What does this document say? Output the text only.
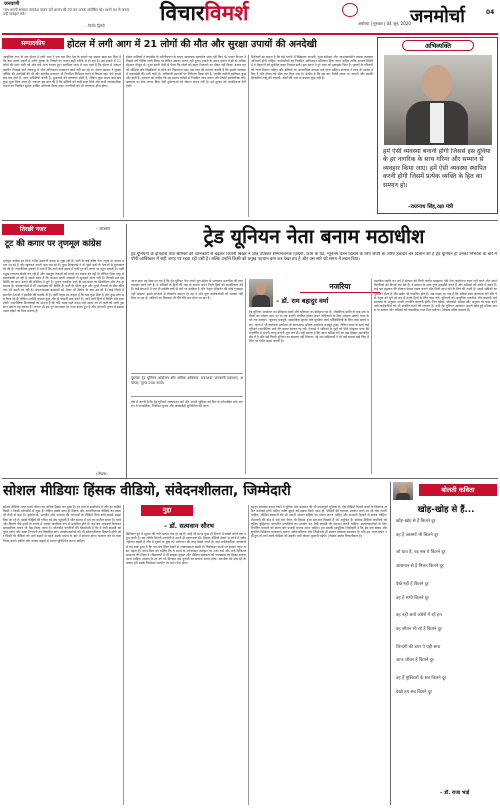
जनवाणी
'जन अपनी सरकार जनादेश पालन करें शासन की एवं जन जनता संतोषित रहे। अपने मत से जनता उन्हें व्यवहार करें।'
– विनोद द्विवेदी
विचारविमर्श	अयोध्या | गुरुवार | 04 जून, 2020 जनमोर्चा	04
सम्पादकीय	होटल में लगी आग में 21 लोगों की मौत और सुरक्षा उपायों की अनदेखी
आधुनिक नगर के एक होटल में लगी आग ने एक बार फिर देश के सामने यह सवाल खड़ा कर दिया है कि क्या हमारे भवनों में अग्नि सुरक्षा के नियमों का पालन सही तरीके से हो रहा है। इस हादसे में 21 लोगों की जान चली गई और कई अन्य घायल हुए। प्रारंभिक जांच में पता चला है कि होटल में आपातकालीन निकास मार्ग अवरुद्ध थे और अग्निशमन उपकरण काम नहीं कर रहे थे। होटल प्रबंधन ने सुरक्षा ऑडिट की अनदेखी की थी और स्थानीय प्रशासन भी नियमित निरीक्षण करने में विफल रहा। ऐसे हादसे बार-बार होते हैं, जांच समितियां बनती हैं, मुआवजे की घोषणाएं होती हैं, लेकिन कुछ समय बाद सब कुछ भुला दिया जाता है। जरूरत इस बात की है कि दोषियों को कड़ी सजा मिले और सभी व्यावसायिक भवनों का नियमित सुरक्षा ऑडिट अनिवार्य किया जाए। नागरिकों को भी जागरूक होना होगा।
होटल मालिकों ने लाइसेंस के नवीनीकरण के समय आवश्यक दस्तावेज जमा नहीं किए थे। फायर विभाग ने पिछले वर्ष नोटिस जारी किया था लेकिन उसका पालन नहीं हुआ। हादसे के समय होटल में सौ से अधिक मेहमान मौजूद थे। धुआं इतनी तेजी से फैला कि लोगों को बाहर निकलने का मौका नहीं मिला। बचाव दल को सीढ़ियों और खिड़कियों से लोगों को निकालना पड़ा। इस तरह की घटनाएं बताती हैं कि हमारी व्यवस्था में जवाबदेही की भारी कमी है। अधिकारी कागजों पर निरीक्षण दिखा देते हैं, जबकि जमीनी हकीकत कुछ और होती है। सरकार को चाहिए कि वह स्वतंत्र एजेंसी से नियमित जांच कराए और रिपोर्ट सार्वजनिक करे। भ्रष्टाचार पर रोक लगाए बिना ऐसी दुर्घटनाओं को रोकना संभव नहीं है। हमें सुरक्षा को प्राथमिकता देनी होगी।
विशेषज्ञों का कहना है कि बड़े भवनों में स्प्रिंकलर प्रणाली, धुआं संवेदक और आपातकालीन प्रकाश व्यवस्था अनिवार्य होनी चाहिए। कर्मचारियों को नियमित अग्निशमन प्रशिक्षण दिया जाना चाहिए ताकि आपात स्थिति में वे मेहमानों को सुरक्षित बाहर निकाल सकें। इस घटना ने पूरे शहर को झकझोर दिया है। मृतकों के परिजनों को न्याय मिलना चाहिए और दोषियों पर आपराधिक मामला दर्ज होना चाहिए। सरकार ने जांच के आदेश दे दिए हैं और होटल को सील कर दिया गया है। उम्मीद है कि इस बार रिपोर्ट समय पर आएगी और उसकी सिफारिशें लागू की जाएंगी। लोगों की जान से बढ़कर कुछ नहीं है।
अभिव्यक्ति
हमें ऐसी व्यवस्था बनानी होगी जिससे इस दुनिया के हर नागरिक के साथ गरिमा और सम्मान से व्यवहार किया जाए। हमें ऐसी व्यवस्था स्थापित करनी होगी जिसमें प्रत्येक व्यक्ति के हित का सम्मान हो।
–राजनाथ सिंह,रक्षा मंत्री
तिरछी नजर	– शाश्वत
टूट की कगार पर तृणमूल कांग्रेस
तृणमूल कांग्रेस इन दिनों गंभीर अंदरूनी कलह से जूझ रही है। पार्टी के कई वरिष्ठ नेता नेतृत्व से नाराज बताए जा रहे हैं और खुलकर अपनी बात रख रहे हैं। कुछ विधायकों ने तो दूसरे दलों के नेताओं से मुलाकात भी की है। राजनीतिक हलकों में चर्चा है कि आने वाले समय में पार्टी टूट की कगार पर पहुंच सकती है। पार्टी प्रमुख लगातार बैठकें कर रही हैं और असंतुष्ट नेताओं को मनाने का प्रयास कर रही हैं। लेकिन जिस तरह से बयानबाजी हो रही है उससे साफ है कि मामला इतनी आसानी से सुलझने वाला नहीं है। विपक्षी दल इस स्थिति का लाभ उठाने की कोशिश में जुटे हैं। चुनाव नजदीक आते ही दल-बदल का सिलसिला और तेज हो सकता है। कार्यकर्ताओं में भी असमंजस की स्थिति है। पार्टी के भीतर युवा और पुराने नेताओं के बीच खींचतान भी बढ़ती जा रही है। संगठनात्मक बदलावों को लेकर भी विरोध के स्वर उठ रहे हैं। कई जिलों में स्थानीय नेताओं ने इस्तीफे की धमकी दी है। पार्टी नेतृत्व का कहना है कि सब कुछ ठीक है और कुछ लोग भ्रम फैला रहे हैं। लेकिन जमीनी हालात कुछ और ही कहानी बयां करते हैं। आने वाले दिनों में स्थिति और स्पष्ट होगी। राजनीतिक विश्लेषकों का मानना है कि यदि समय रहते कदम नहीं उठाए गए तो पार्टी को भारी नुकसान उठाना पड़ सकता है। जनता भी इस पूरे घटनाक्रम पर नजर बनाए हुए है और आगामी चुनाव में इसका असर देखने को मिल सकता है।
(लेखक)
ट्रेड यूनियन नेता बनाम मठाधीश
ट्रेड यूनियनों के इतिहास तथा श्रमिकों को जानकारी से बढ़कर जितनी बिखरे ने ज्ञात उपस्कर सम्मानजनक ज़िंदगी, काम के घंटे, न्यूनतम वेतन दिलाने के लिए संघर्ष के जरिए हकदार बन दिलाने की है ट्रेड यूनियन ही उनकी निर्भरता के बारे में पोंगी आविष्कार में सही जगह पर रहता रही उसी है। बल्कि उन्होंने किसी को प्रमुख पहचान बना कर देखा ठप है और उस सारे को समय में बदल दिया।
आज प्रायः यह देखा जा रहा है कि ट्रेड यूनियन नेता अपने मूल उद्देश्य से भटककर मठाधीश की तरह व्यवहार करने लगे हैं। वे श्रमिकों के हितों की रक्षा के बजाय अपने निजी हितों को प्राथमिकता देते हैं। कई संगठनों में एक ही व्यक्ति वर्षों से पदों पर काबिज है और नेतृत्व परिवर्तन की कोई गुंजाइश नहीं छोड़ता। इससे संगठनों में लोकतंत्र समाप्त हो रहा है और युवा कार्यकर्ताओं को अवसर नहीं मिल पा रहा है। श्रमिकों का विश्वास भी धीरे-धीरे कम होता जा रहा है।
पुस्तकः ट्रेड यूनियन आंदोलन और श्रमिक अधिकार, प्रकाशकः जनवाणी प्रकाशन, अयोध्या, मूल्यः 250 रुपये।
ऐसे में जरूरी है कि ट्रेड यूनियनें आत्ममंथन करें और अपनी भूमिका को फिर से परिभाषित करें। संगठन में पारदर्शिता, नियमित चुनाव और जवाबदेही सुनिश्चित की जाए।
नजरिया
– डॉ. राम बहादुर वर्मा
ट्रेड यूनियन आंदोलन का इतिहास संघर्ष और बलिदान का इतिहास रहा है। औद्योगिक क्रांति के बाद जब श्रमिकों का शोषण चरम पर था तब उन्होंने संगठित होकर अपने अधिकारों के लिए आवाज उठाई। काम के घंटे तय करवाने, न्यूनतम मजदूरी, सामाजिक सुरक्षा और सुरक्षित कार्य परिस्थितियों के लिए लंबा संघर्ष चला। भारत में भी स्वतंत्रता आंदोलन के साथ-साथ श्रमिक आंदोलन मजबूत हुआ। लेकिन समय के साथ कई यूनियनें राजनीतिक दलों की शाखा बनकर रह गईं। नेताओं ने श्रमिकों के मुद्दों को पीछे छोड़कर सत्ता की राजनीति में अपनी जगह बनानी शुरू कर दी। यही कारण है कि आज श्रमिक वर्ग का बड़ा हिस्सा असंगठित क्षेत्र में है और उसे किसी यूनियन का संरक्षण नहीं मिलता। नई श्रम संहिताओं ने भी कई सवाल खड़े किए हैं जिन पर गंभीर बहस जरूरी है।
मठाधीश प्रवृत्ति का अर्थ है संगठन को निजी जागीर समझना। ऐसे नेता आलोचना सहन नहीं करते और अपने विरोधियों को किनारे कर देते हैं। वे प्रबंधन के साथ गुप्त समझौते करते हैं और श्रमिकों को अंधेरे में रखते हैं। कई बार हड़ताल की घोषणा केवल दबाव बनाने और निजी लाभ लेने के लिए की जाती है। इससे श्रमिकों का नुकसान होता है और उद्योग भी प्रभावित होते हैं। अब समय आ गया है कि श्रमिक स्वयं जागरूक बनें और ऐसे नेतृत्व को चुनें जो सच में उनके हितों के लिए काम करे। यूनियनों को आधुनिक तकनीक और बदलती अर्थव्यवस्था के अनुसार अपनी रणनीति बदलनी होगी। गिग वर्कर्स, प्लेटफॉर्म श्रमिक और अनुबंध पर काम करने वाले कर्मचारियों को भी संगठित करने की जरूरत है। तभी ट्रेड यूनियन आंदोलन अपनी खोई हुई प्रतिष्ठा वापस पा सकेगा और श्रमिकों को वास्तविक न्याय मिल सकेगा। (लेखक वरिष्ठ पत्रकार हैं)
सोशल मीडियाः हिंसक वीडियो, संवेदनशीलता, जिम्मेदारी
सोशल मीडिया आज हमारे जीवन का अभिन्न हिस्सा बन चुका है। हर हाथ में स्मार्टफोन है और हर व्यक्ति किसी न किसी प्लेटफॉर्म से जुड़ा है। लेकिन इसके साथ ही हिंसक और आपत्तिजनक वीडियो का प्रसार भी तेजी से बढ़ा है। दुर्घटनाओं, मारपीट और अपराध की घटनाओं के वीडियो बिना सोचे-समझे साझा किए जा रहे हैं। इससे पीड़ितों की गरिमा को ठेस पहुंचती है और समाज में भय का माहौल बनता है। बच्चे और किशोर ऐसे दृश्यों के संपर्क में आकर मानसिक रूप से प्रभावित होते हैं। कई बार अफवाहें फैलाकर सांप्रदायिक तनाव भी पैदा किया जाता है। प्लेटफॉर्म कंपनियों की जिम्मेदारी है कि वे ऐसी सामग्री को तुरंत हटाएं और सख्त निगरानी तंत्र विकसित करें। उपयोगकर्ताओं को भी संवेदनशीलता दिखानी होगी और किसी भी वीडियो को आगे बढ़ाने से पहले उसके प्रभाव के बारे में सोचना होगा। सरकार को भी स्पष्ट नियम बनाने चाहिए और उनका कड़ाई से पालन सुनिश्चित करना चाहिए।
मुद्दा
– डॉ. सत्यवान सौरभ
डिजिटल युग में सूचना की गति अत्यंत तेज हो गई है। कोई भी घटना कुछ ही मिनटों में लाखों लोगों तक पहुंच जाती है। यह शक्ति जितनी उपयोगी है उतनी ही खतरनाक भी। हिंसक वीडियो देखने से लोगों में संवेदनहीनता बढ़ती है और वे दूसरों के दुख को मनोरंजन की तरह देखने लगते हैं। कई मनोवैज्ञानिक अध्ययनों से यह स्पष्ट हुआ है कि बार-बार हिंसा देखने से आक्रामकता बढ़ती है। विशेषकर बच्चों पर इसका गहरा असर पड़ता है। माता-पिता को चाहिए कि वे बच्चों के ऑनलाइन व्यवहार पर नजर रखें और उन्हें डिजिटल साक्षरता की शिक्षा दें। विद्यालयों में भी साइबर सुरक्षा और मीडिया साक्षरता को पाठ्यक्रम का हिस्सा बनाया जाना चाहिए। समाज के हर वर्ग को मिलकर इस चुनौती का सामना करना होगा। तकनीक को दोष देने के बजाय हमें उसके जिम्मेदार उपयोग पर ध्यान देना होगा।
कानून व्यवस्था बनाए रखने में पुलिस और प्रशासन की भी महत्वपूर्ण भूमिका है। ऐसे वीडियो फैलाने वालों के खिलाफ त्वरित कार्रवाई होनी चाहिए ताकि दूसरों को सबक मिले। साथ ही, पीड़ितों की पहचान उजागर करने पर भी रोक लगनी चाहिए। मीडिया संस्थानों को भी अपनी आचार संहिता का पालन करना चाहिए और सनसनी फैलाने से बचना चाहिए। टीआरपी की होड़ में कई बार चैनल भी हिंसक दृश्य बार-बार दिखाते हैं जो अनुचित है। सोशल मीडिया कंपनियों को कृत्रिम बुद्धिमत्ता आधारित प्रणालियों का उपयोग कर ऐसी सामग्री की पहचान करनी चाहिए। उपयोगकर्ताओं के लिए रिपोर्टिंग प्रणाली को सरल और प्रभावी बनाया जाना चाहिए। हम सबकी सामूहिक जिम्मेदारी है कि हम एक स्वस्थ और सुरक्षित डिजिटल वातावरण बनाएं। संवेदनशीलता और जिम्मेदारी ही इसका एकमात्र समाधान है। यदि हम आज सचेत नहीं हुए तो आने वाली पीढ़ियों को इसकी भारी कीमत चुकानी पड़ेगी। (लेखक स्वतंत्र टिप्पणीकार हैं)
बोलती कविता
खोह-खोह से हैं...
खोह-खोह से हैं कितने दूर
वह हैं आसमाँ भी कितने दूर
जो घाव हैं, वह सब ये कितने दूर
आसमान से हैं मिलन कितने दूर
देखे नहीं हैं कितने दूर
वह हैं सभी कितने दूर
वह नहीं आयें अंधेरों में रहें हम
वह जीवन भी रहे हैं कितने दूर
जिन्दगी की डगर पे यही साथ
आज जीवन हैं कितने दूर
वह हैं मुश्किलों के सब कितने दूर
देखो हम सब कितने दूर
– डॉ. राजा भाई
